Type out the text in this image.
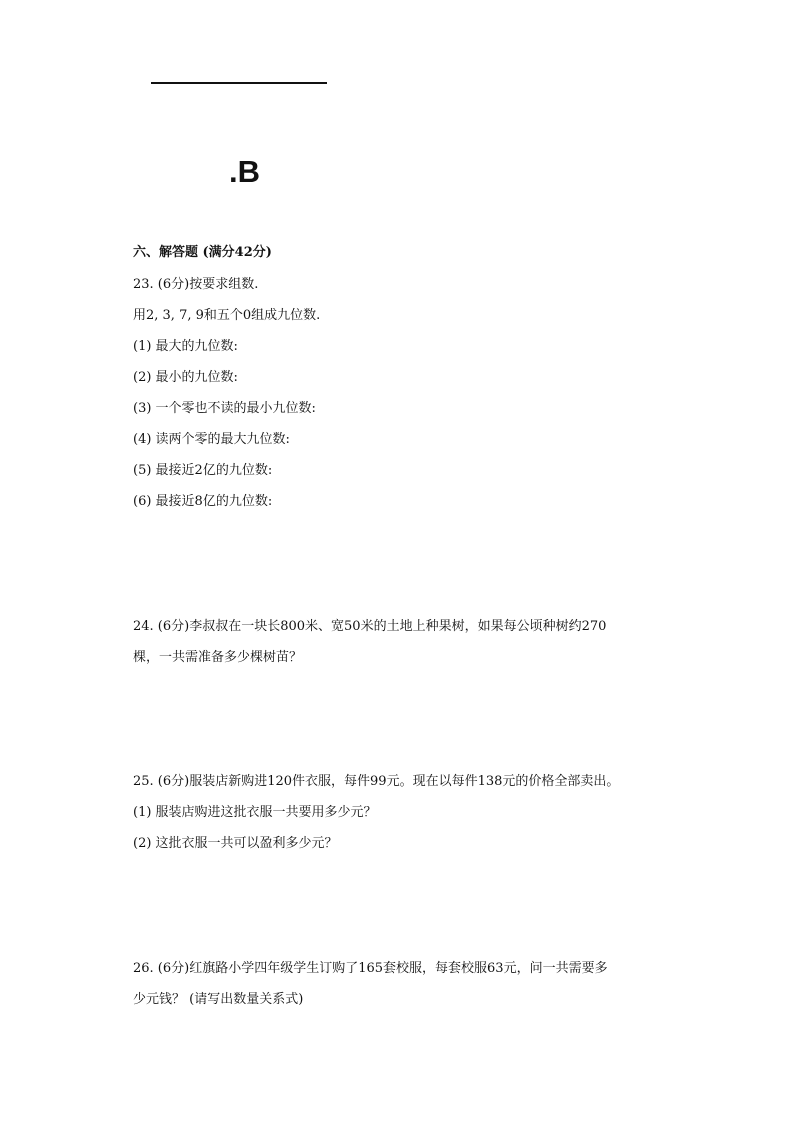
.B
六、解答题 (满分42分)
23. (6分)按要求组数.
用2, 3, 7, 9和五个0组成九位数.
(1) 最大的九位数:
(2) 最小的九位数:
(3) 一个零也不读的最小九位数:
(4) 读两个零的最大九位数:
(5) 最接近2亿的九位数:
(6) 最接近8亿的九位数:
24. (6分)李叔叔在一块长800米、宽50米的土地上种果树，如果每公顷种树约270
棵，一共需准备多少棵树苗？
25. (6分)服装店新购进120件衣服，每件99元。现在以每件138元的价格全部卖出。
(1) 服装店购进这批衣服一共要用多少元？
(2) 这批衣服一共可以盈利多少元？
26. (6分)红旗路小学四年级学生订购了165套校服，每套校服63元，问一共需要多
少元钱？ (请写出数量关系式)
